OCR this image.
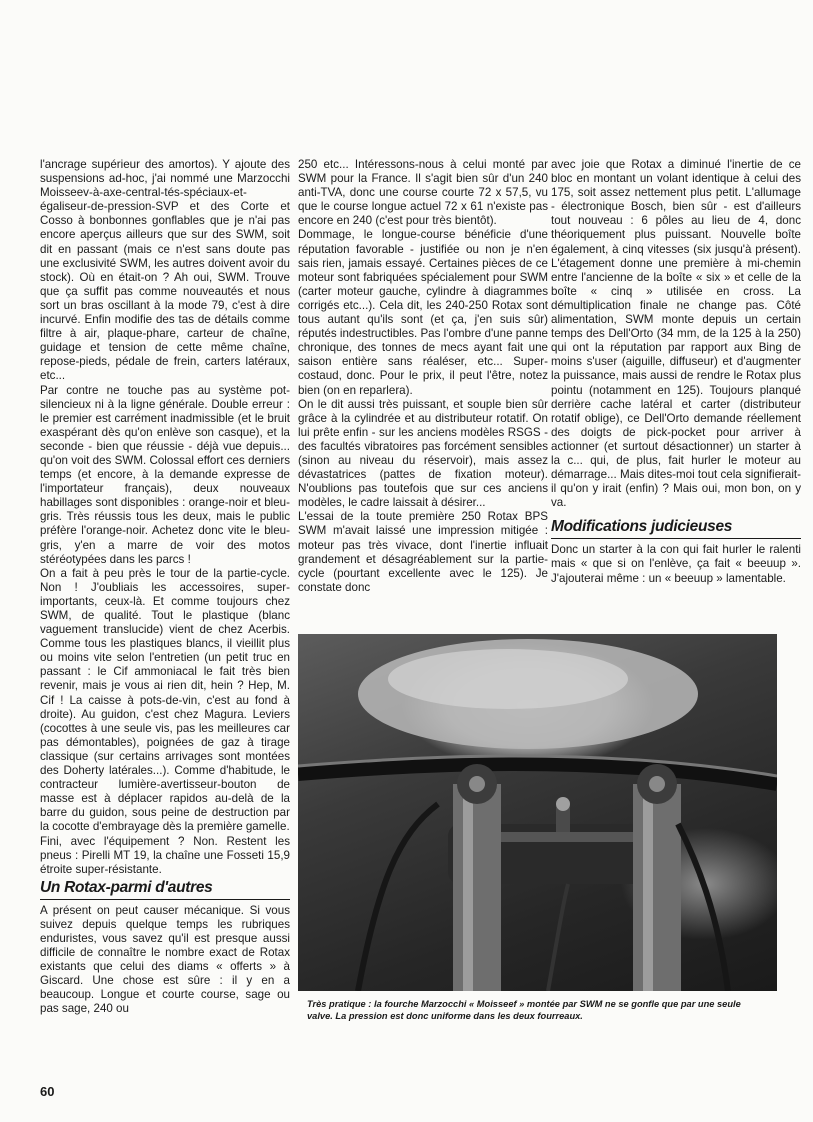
l'ancrage supérieur des amortos). Y ajoute des suspensions ad-hoc, j'ai nommé une Marzocchi Moisseev-à-axe-central-tés-spéciaux-et-égaliseur-de-pression-SVP et des Corte et Cosso à bonbonnes gonflables que je n'ai pas encore aperçus ailleurs que sur des SWM, soit dit en passant (mais ce n'est sans doute pas une exclusivité SWM, les autres doivent avoir du stock). Où en était-on ? Ah oui, SWM. Trouve que ça suffit pas comme nouveautés et nous sort un bras oscillant à la mode 79, c'est à dire incurvé. Enfin modifie des tas de détails comme filtre à air, plaque-phare, carteur de chaîne, guidage et tension de cette même chaîne, repose-pieds, pédale de frein, carters latéraux, etc...

Par contre ne touche pas au système pot-silencieux ni à la ligne générale. Double erreur : le premier est carrément inadmissible (et le bruit exaspérant dès qu'on enlève son casque), et la seconde - bien que réussie - déjà vue depuis... qu'on voit des SWM. Colossal effort ces derniers temps (et encore, à la demande expresse de l'importateur français), deux nouveaux habillages sont disponibles : orange-noir et bleu-gris. Très réussis tous les deux, mais le public préfère l'orange-noir. Achetez donc vite le bleu-gris, y'en a marre de voir des motos stéréotypées dans les parcs !

On a fait à peu près le tour de la partie-cycle. Non ! J'oubliais les accessoires, super-importants, ceux-là. Et comme toujours chez SWM, de qualité. Tout le plastique (blanc vaguement translucide) vient de chez Acerbis. Comme tous les plastiques blancs, il vieillit plus ou moins vite selon l'entretien (un petit truc en passant : le Cif ammoniacal le fait très bien revenir, mais je vous ai rien dit, hein ? Hep, M. Cif ! La caisse à pots-de-vin, c'est au fond à droite). Au guidon, c'est chez Magura. Leviers (cocottes à une seule vis, pas les meilleures car pas démontables), poignées de gaz à tirage classique (sur certains arrivages sont montées des Doherty latérales...). Comme d'habitude, le contracteur lumière-avertisseur-bouton de masse est à déplacer rapidos au-delà de la barre du guidon, sous peine de destruction par la cocotte d'embrayage dès la première gamelle.

Fini, avec l'équipement ? Non. Restent les pneus : Pirelli MT 19, la chaîne une Fosseti 15,9 étroite super-résistante.

Un Rotax-parmi d'autres

A présent on peut causer mécanique. Si vous suivez depuis quelque temps les rubriques enduristes, vous savez qu'il est presque aussi difficile de connaître le nombre exact de Rotax existants que celui des diams « offerts » à Giscard. Une chose est sûre : il y en a beaucoup. Longue et courte course, sage ou pas sage, 240 ou

250 etc... Intéressons-nous à celui monté par SWM pour la France. Il s'agit bien sûr d'un 240 anti-TVA, donc une course courte 72 x 57,5, vu que le course longue actuel 72 x 61 n'existe pas encore en 240 (c'est pour très bientôt).

Dommage, le longue-course bénéficie d'une réputation favorable - justifiée ou non je n'en sais rien, jamais essayé. Certaines pièces de ce moteur sont fabriquées spécialement pour SWM (carter moteur gauche, cylindre à diagrammes corrigés etc...). Cela dit, les 240-250 Rotax sont tous autant qu'ils sont (et ça, j'en suis sûr) réputés indestructibles. Pas l'ombre d'une panne chronique, des tonnes de mecs ayant fait une saison entière sans réaléser, etc... Super-costaud, donc. Pour le prix, il peut l'être, notez bien (on en reparlera).

On le dit aussi très puissant, et souple bien sûr grâce à la cylindrée et au distributeur rotatif. On lui prête enfin - sur les anciens modèles RSGS - des facultés vibratoires pas forcément sensibles (sinon au niveau du réservoir), mais assez dévastatrices (pattes de fixation moteur). N'oublions pas toutefois que sur ces anciens modèles, le cadre laissait à désirer...

L'essai de la toute première 250 Rotax BPS SWM m'avait laissé une impression mitigée : moteur pas très vivace, dont l'inertie influait grandement et désagréablement sur la partie-cycle (pourtant excellente avec le 125). Je constate donc

avec joie que Rotax a diminué l'inertie de ce bloc en montant un volant identique à celui des 175, soit assez nettement plus petit. L'allumage - électronique Bosch, bien sûr - est d'ailleurs tout nouveau : 6 pôles au lieu de 4, donc théoriquement plus puissant. Nouvelle boîte également, à cinq vitesses (six jusqu'à présent). L'étagement donne une première à mi-chemin entre l'ancienne de la boîte « six » et celle de la boîte « cinq » utilisée en cross. La démultiplication finale ne change pas. Côté alimentation, SWM monte depuis un certain temps des Dell'Orto (34 mm, de la 125 à la 250) qui ont la réputation par rapport aux Bing de moins s'user (aiguille, diffuseur) et d'augmenter la puissance, mais aussi de rendre le Rotax plus pointu (notamment en 125). Toujours planqué derrière cache latéral et carter (distributeur rotatif oblige), ce Dell'Orto demande réellement des doigts de pick-pocket pour arriver à actionner (et surtout désactionner) un starter à la c... qui, de plus, fait hurler le moteur au démarrage... Mais dites-moi tout cela signifierait-il qu'on y irait (enfin) ? Mais oui, mon bon, on y va.

Modifications judicieuses

Donc un starter à la con qui fait hurler le ralenti mais « que si on l'enlève, ça fait « beeuup ». J'ajouterai même : un « beeuup » lamentable.

Très pratique : la fourche Marzocchi « Moisseef » montée par SWM ne se gonfle que par une seule valve. La pression est donc uniforme dans les deux fourreaux.
60
